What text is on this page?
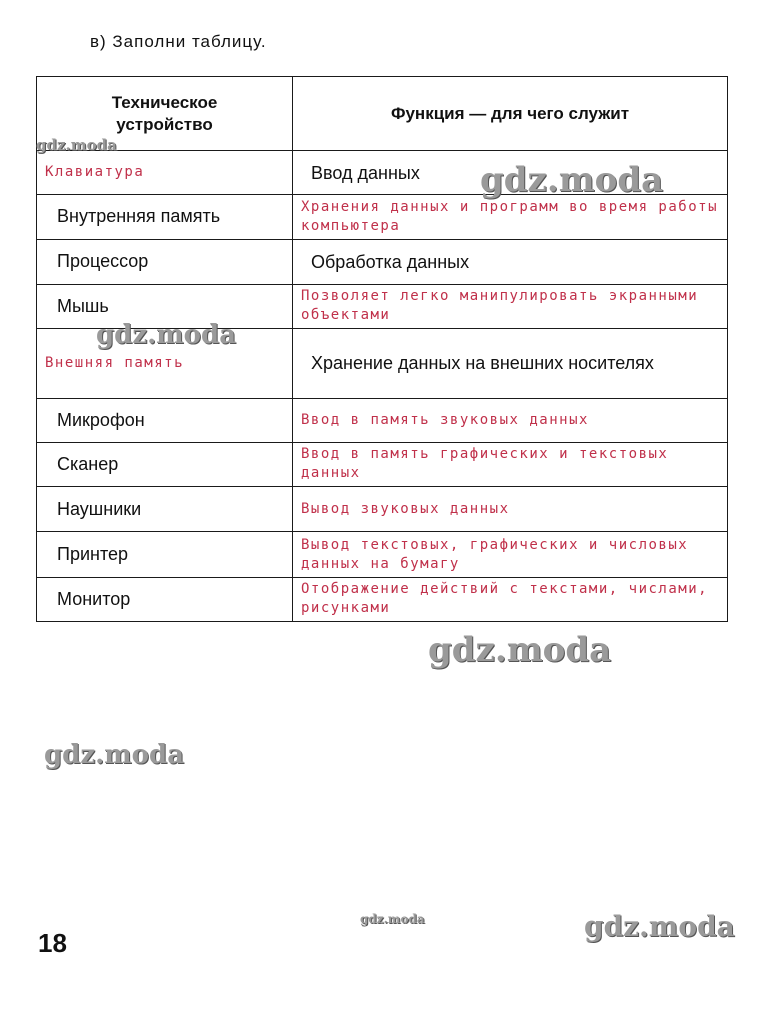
в) Заполни таблицу.
Техническое устройство	Функция — для чего служит
Клавиатура	Ввод данных
Внутренняя память	Хранения данных и программ во время работы компьютера
Процессор	Обработка данных
Мышь	Позволяет легко манипулировать экранными объектами
Внешняя память	Хранение данных на внешних носителях
Микрофон	Ввод в память звуковых данных
Сканер	Ввод в память графических и текстовых данных
Наушники	Вывод звуковых данных
Принтер	Вывод текстовых, графических и числовых данных на бумагу
Монитор	Отображение действий с текстами, числами, рисунками
gdz.moda
gdz.moda
gdz.moda
gdz.moda
gdz.moda
gdz.moda	gdz.moda
18
